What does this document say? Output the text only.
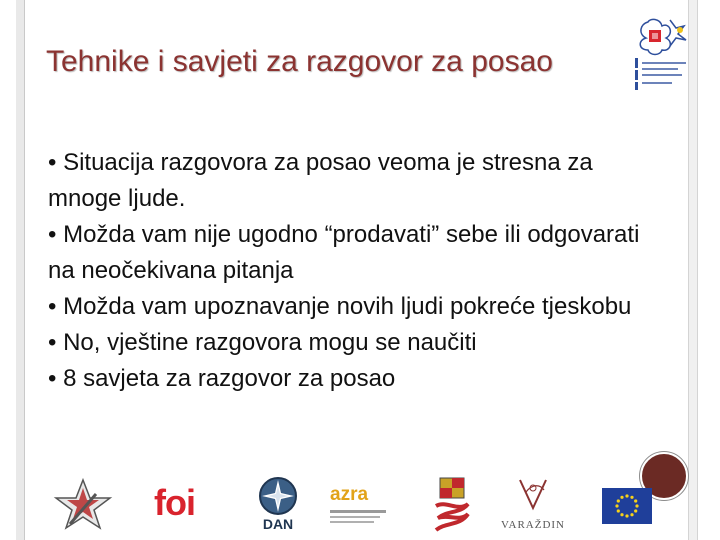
Tehnike i savjeti za razgovor za posao
• Situacija razgovora za posao veoma je stresna za mnoge ljude.
• Možda vam nije ugodno “prodavati” sebe ili odgovarati na neočekivana pitanja
• Možda vam upoznavanje novih ljudi pokreće tjeskobu
• No, vještine razgovora mogu se naučiti
• 8 savjeta za razgovor za posao
foi
DAN
azra
VARAŽDIN
